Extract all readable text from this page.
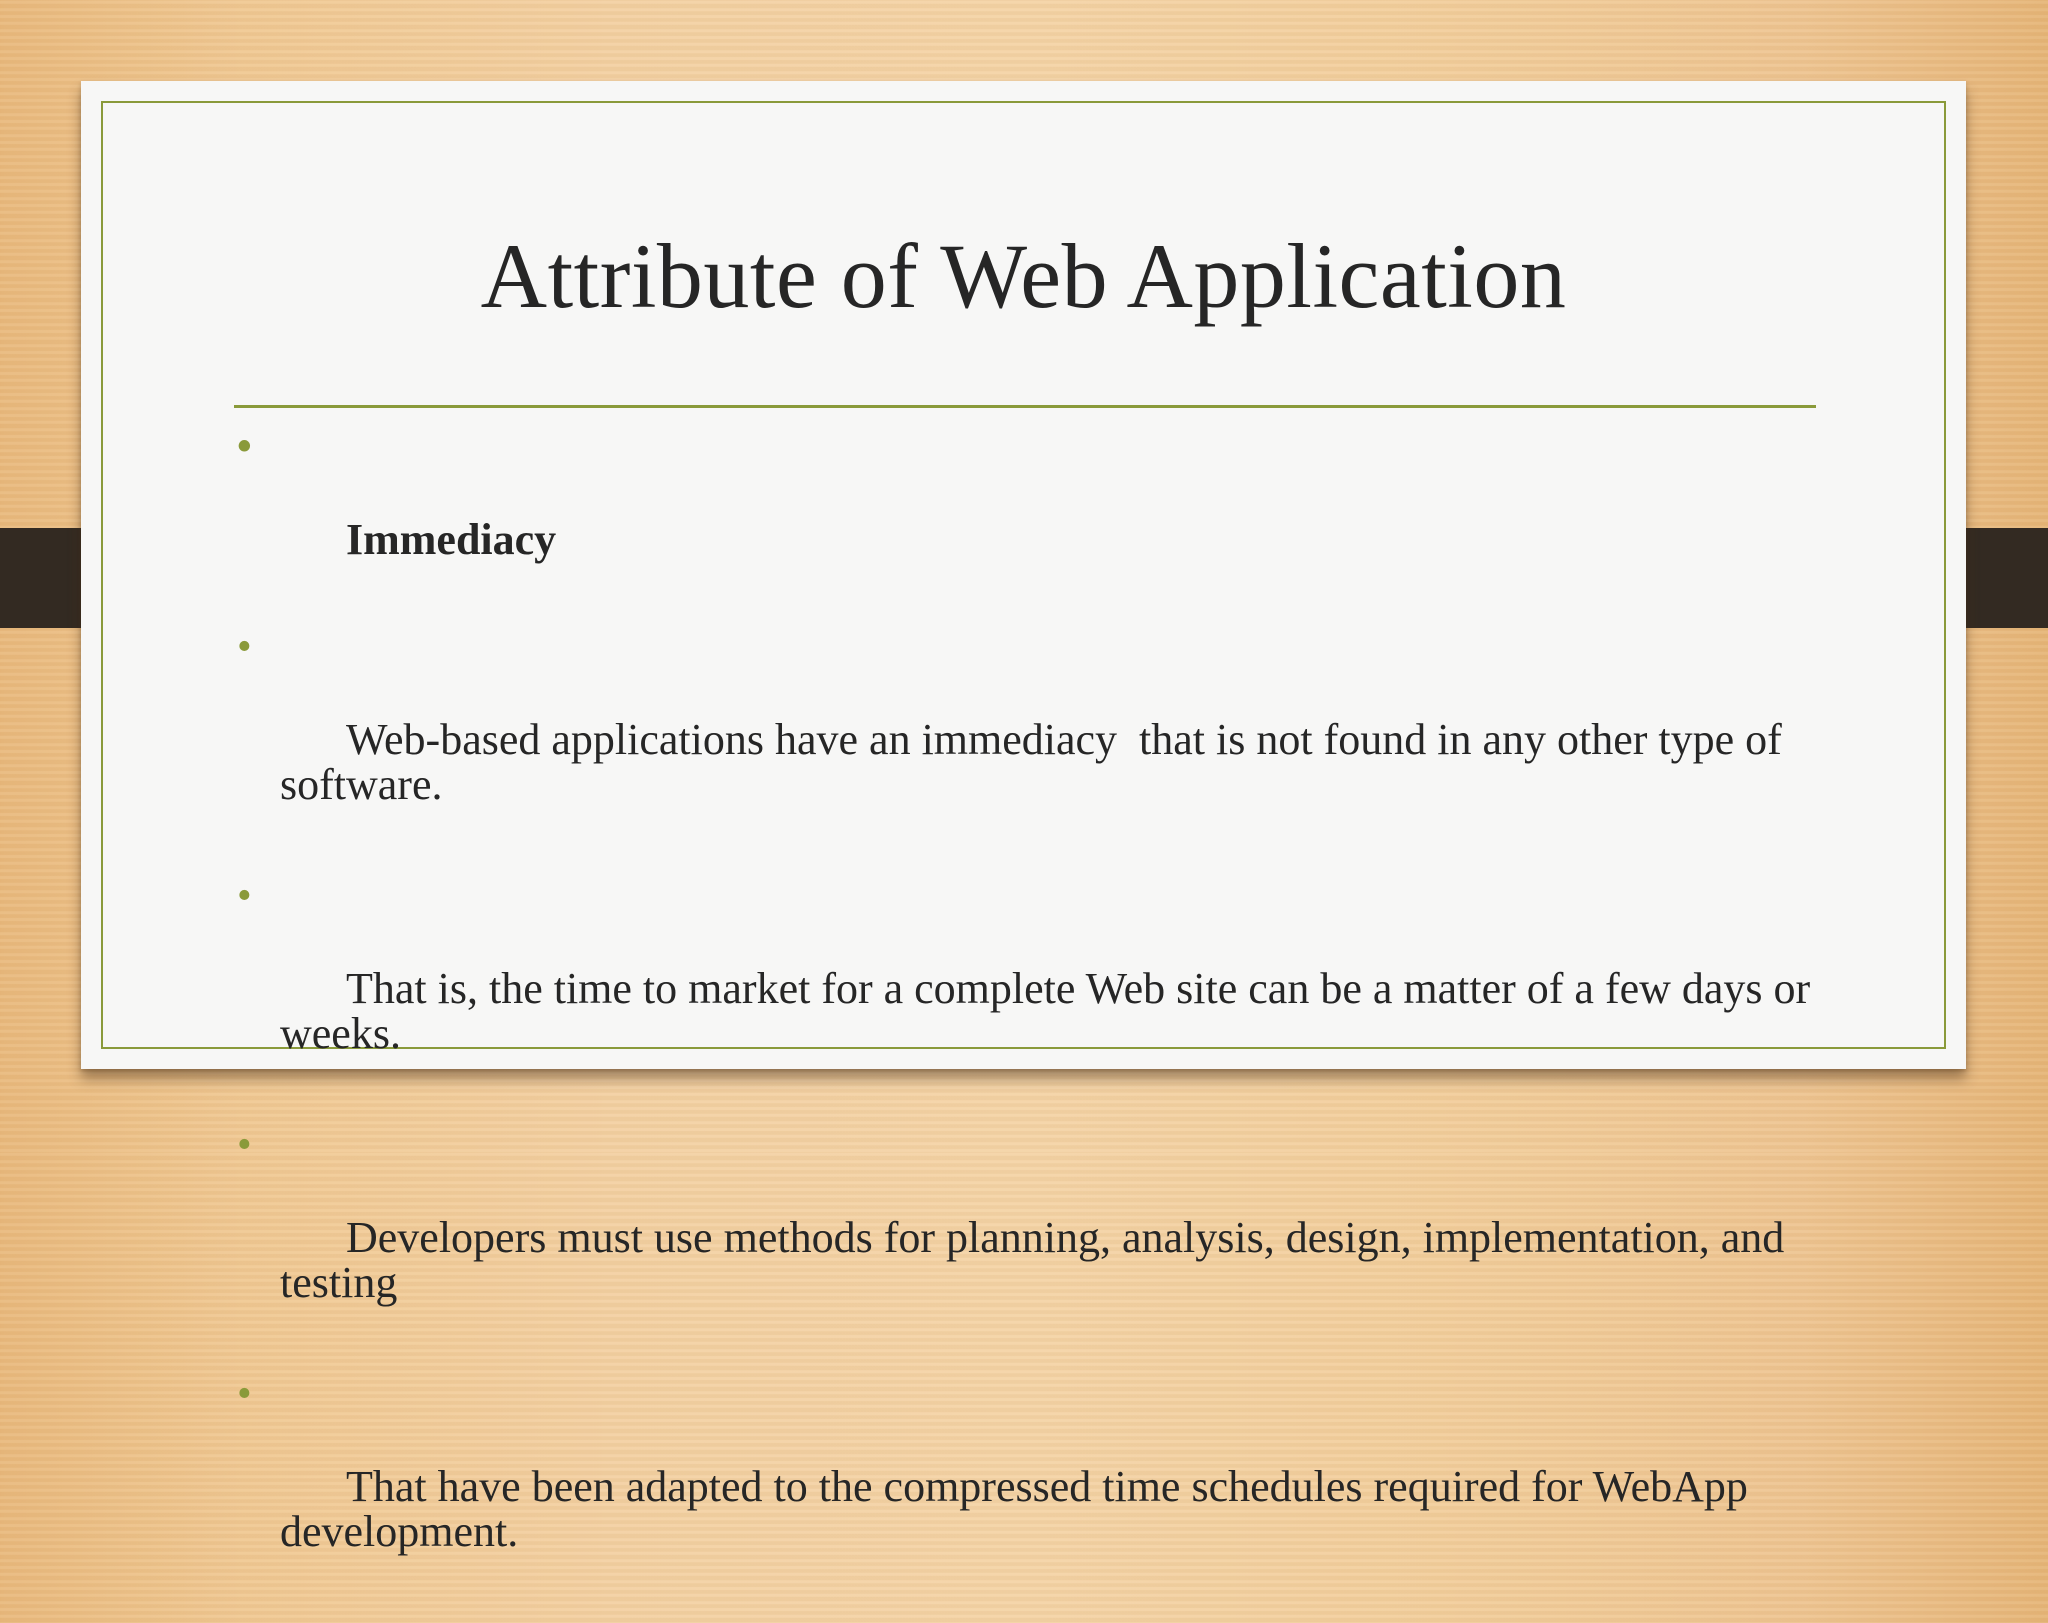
Attribute of Web Application

•

Immediacy

•

Web-based applications have an immediacy  that is not found in any other type of software.

•

That is, the time to market for a complete Web site can be a matter of a few days or weeks.

•

Developers must use methods for planning, analysis, design, implementation, and testing

•

That have been adapted to the compressed time schedules required for WebApp development.
